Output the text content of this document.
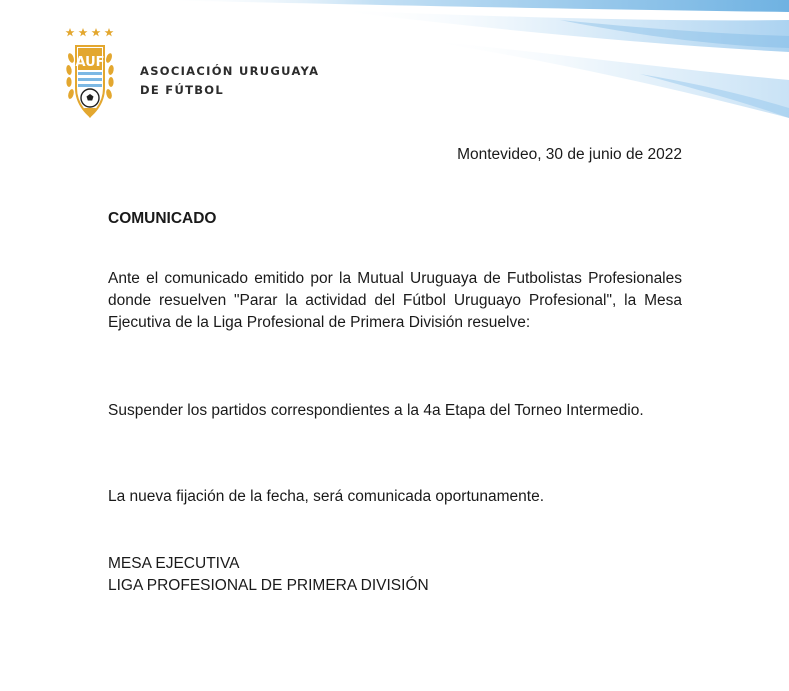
AUF
ASOCIACIÓN URUGUAYA
DE FÚTBOL
Montevideo, 30 de junio de 2022
COMUNICADO
Ante el comunicado emitido por la Mutual Uruguaya de Futbolistas Profesionales donde resuelven "Parar la actividad del Fútbol Uruguayo Profesional", la Mesa Ejecutiva de la Liga Profesional de Primera División resuelve:
Suspender los partidos correspondientes a la 4a Etapa del Torneo Intermedio.
La nueva fijación de la fecha, será comunicada oportunamente.
MESA EJECUTIVA
LIGA PROFESIONAL DE PRIMERA DIVISIÓN
